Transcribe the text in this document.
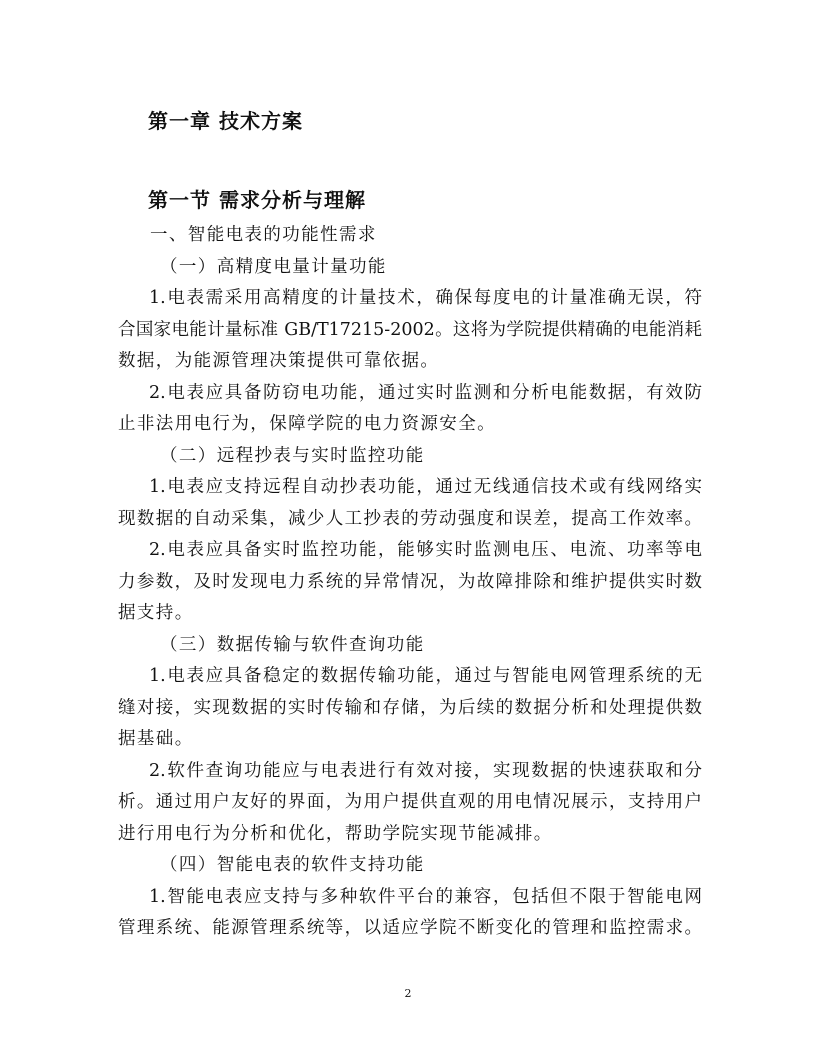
第一章 技术方案
第一节 需求分析与理解
一、智能电表的功能性需求
（一）高精度电量计量功能
1.电表需采用高精度的计量技术，确保每度电的计量准确无误，符
合国家电能计量标准 GB/T17215-2002。这将为学院提供精确的电能消耗
数据，为能源管理决策提供可靠依据。
2.电表应具备防窃电功能，通过实时监测和分析电能数据，有效防
止非法用电行为，保障学院的电力资源安全。
（二）远程抄表与实时监控功能
1.电表应支持远程自动抄表功能，通过无线通信技术或有线网络实
现数据的自动采集，减少人工抄表的劳动强度和误差，提高工作效率。
2.电表应具备实时监控功能，能够实时监测电压、电流、功率等电
力参数，及时发现电力系统的异常情况，为故障排除和维护提供实时数
据支持。
（三）数据传输与软件查询功能
1.电表应具备稳定的数据传输功能，通过与智能电网管理系统的无
缝对接，实现数据的实时传输和存储，为后续的数据分析和处理提供数
据基础。
2.软件查询功能应与电表进行有效对接，实现数据的快速获取和分
析。通过用户友好的界面，为用户提供直观的用电情况展示，支持用户
进行用电行为分析和优化，帮助学院实现节能减排。
（四）智能电表的软件支持功能
1.智能电表应支持与多种软件平台的兼容，包括但不限于智能电网
管理系统、能源管理系统等，以适应学院不断变化的管理和监控需求。
2
